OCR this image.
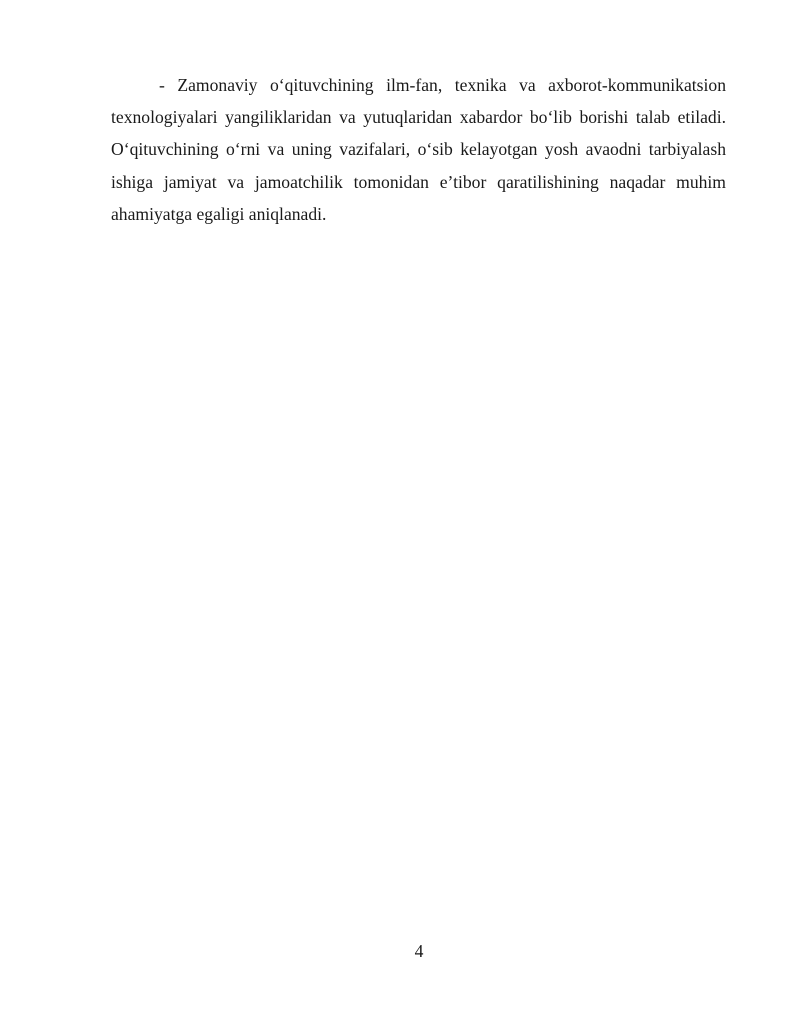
- Zamonaviy o‘qituvchining ilm-fan, texnika va axborot-kommunikatsion texnologiyalari yangiliklaridan va yutuqlaridan xabardor bo‘lib borishi talab etiladi. O‘qituvchining o‘rni va uning vazifalari, o‘sib kelayotgan yosh avaodni tarbiyalash ishiga jamiyat va jamoatchilik tomonidan e’tibor qaratilishining naqadar muhim ahamiyatga egaligi aniqlanadi.

4
